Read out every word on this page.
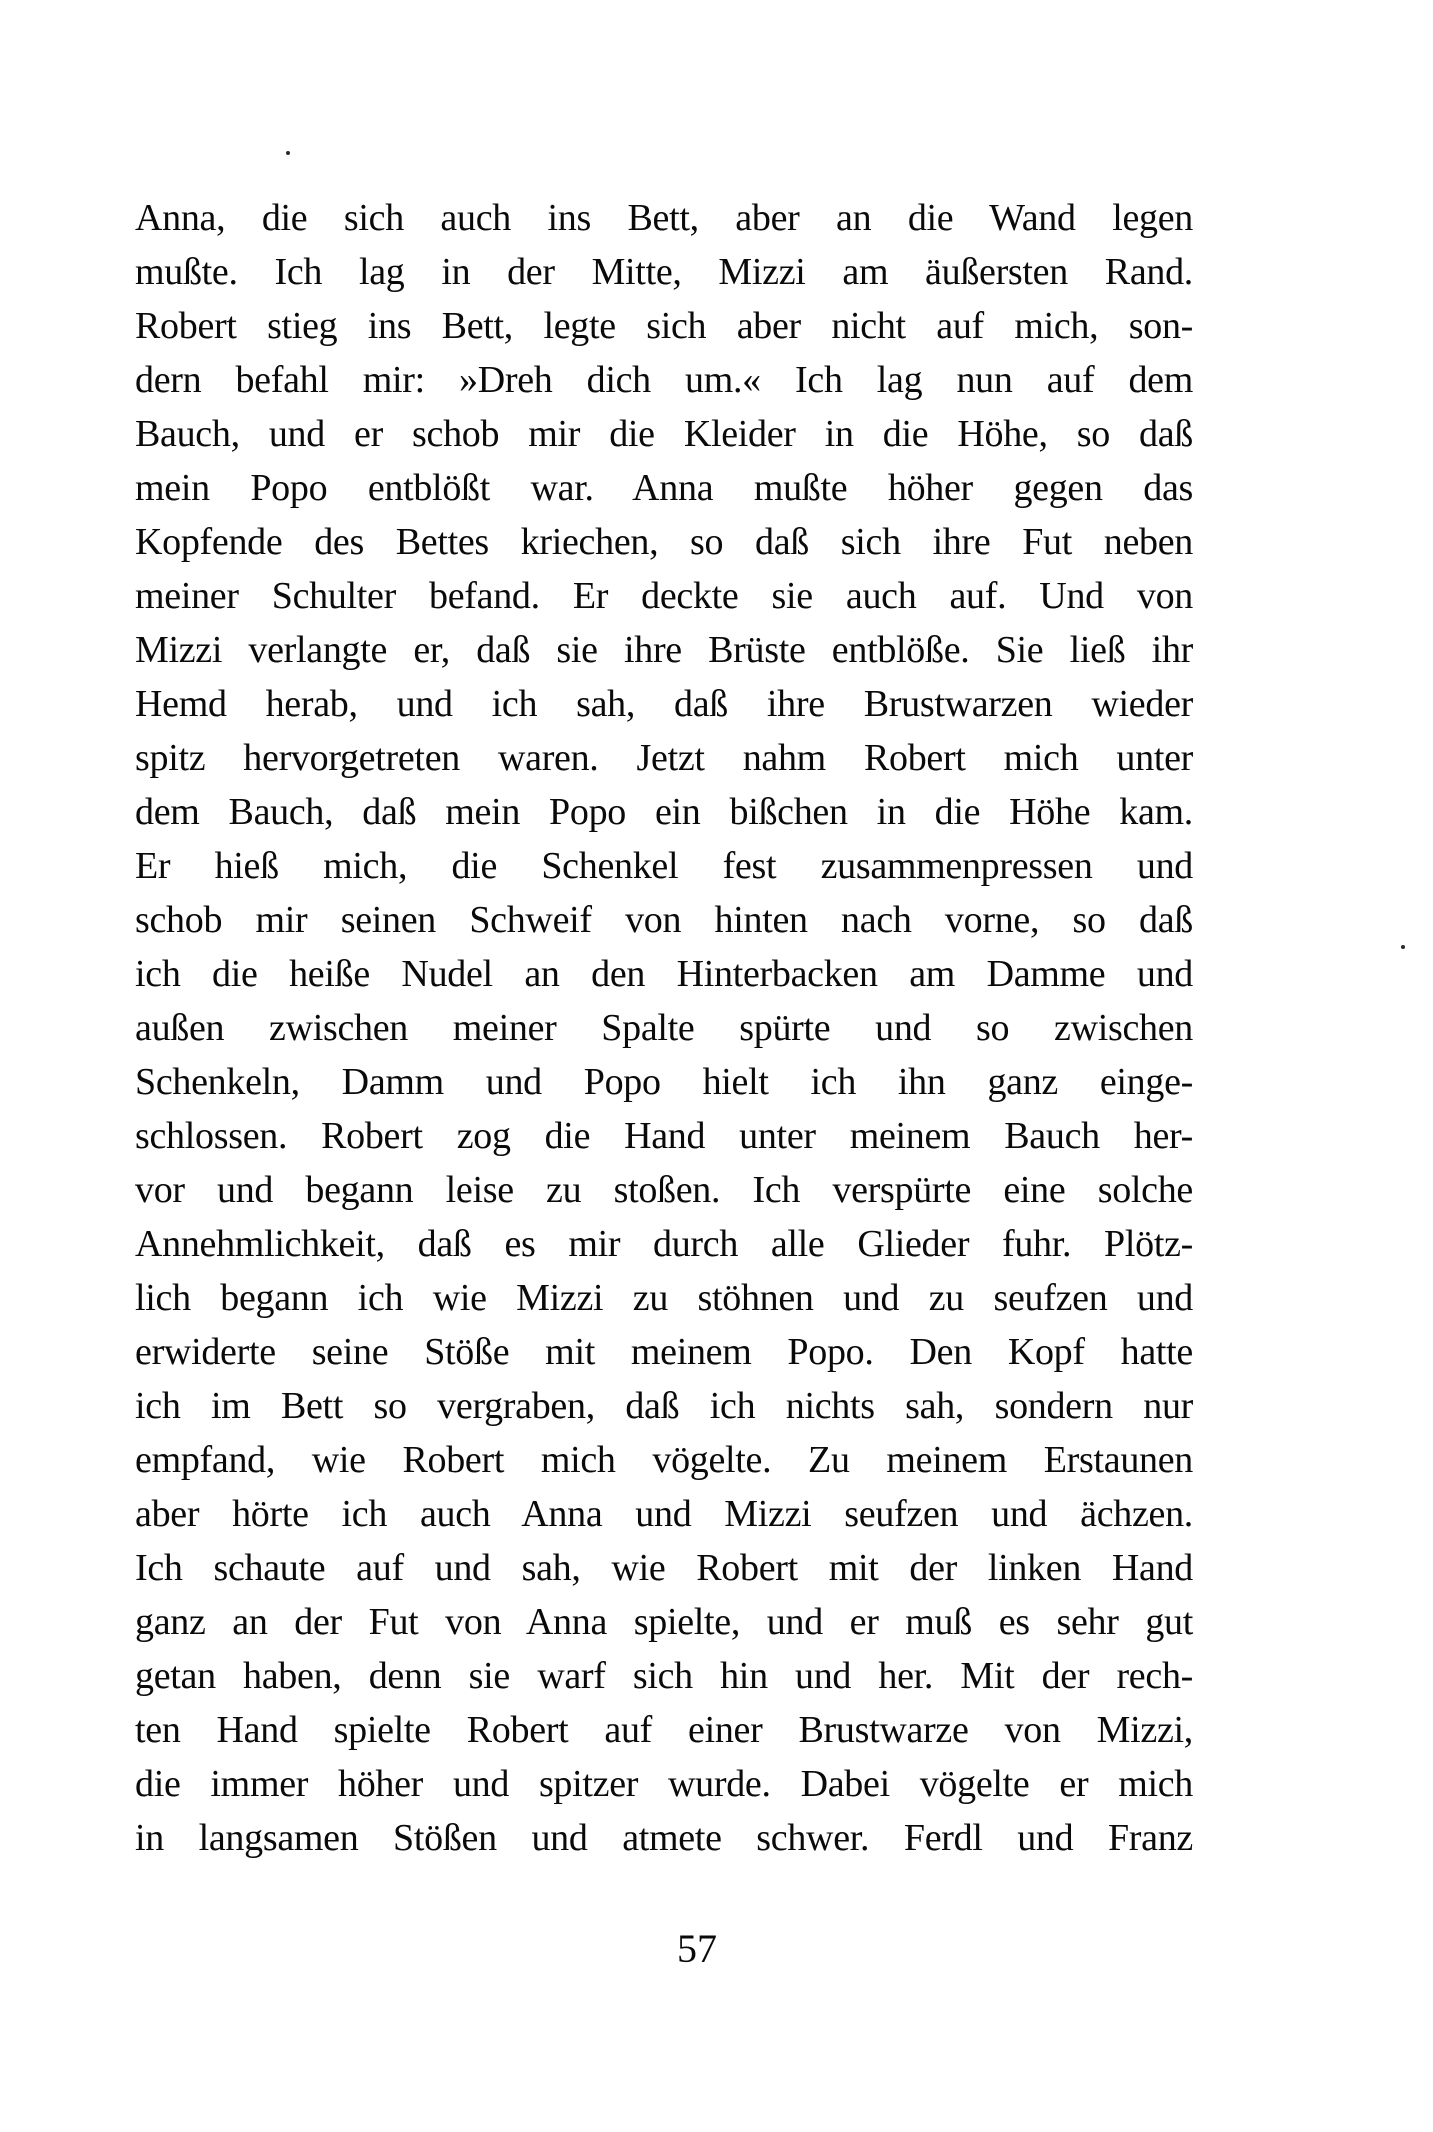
Anna, die sich auch ins Bett, aber an die Wand legen
mußte. Ich lag in der Mitte, Mizzi am äußersten Rand.
Robert stieg ins Bett, legte sich aber nicht auf mich, son-
dern befahl mir: »Dreh dich um.« Ich lag nun auf dem
Bauch, und er schob mir die Kleider in die Höhe, so daß
mein Popo entblößt war. Anna mußte höher gegen das
Kopfende des Bettes kriechen, so daß sich ihre Fut neben
meiner Schulter befand. Er deckte sie auch auf. Und von
Mizzi verlangte er, daß sie ihre Brüste entblöße. Sie ließ ihr
Hemd herab, und ich sah, daß ihre Brustwarzen wieder
spitz hervorgetreten waren. Jetzt nahm Robert mich unter
dem Bauch, daß mein Popo ein bißchen in die Höhe kam.
Er hieß mich, die Schenkel fest zusammenpressen und
schob mir seinen Schweif von hinten nach vorne, so daß
ich die heiße Nudel an den Hinterbacken am Damme und
außen zwischen meiner Spalte spürte und so zwischen
Schenkeln, Damm und Popo hielt ich ihn ganz einge-
schlossen. Robert zog die Hand unter meinem Bauch her-
vor und begann leise zu stoßen. Ich verspürte eine solche
Annehmlichkeit, daß es mir durch alle Glieder fuhr. Plötz-
lich begann ich wie Mizzi zu stöhnen und zu seufzen und
erwiderte seine Stöße mit meinem Popo. Den Kopf hatte
ich im Bett so vergraben, daß ich nichts sah, sondern nur
empfand, wie Robert mich vögelte. Zu meinem Erstaunen
aber hörte ich auch Anna und Mizzi seufzen und ächzen.
Ich schaute auf und sah, wie Robert mit der linken Hand
ganz an der Fut von Anna spielte, und er muß es sehr gut
getan haben, denn sie warf sich hin und her. Mit der rech-
ten Hand spielte Robert auf einer Brustwarze von Mizzi,
die immer höher und spitzer wurde. Dabei vögelte er mich
in langsamen Stößen und atmete schwer. Ferdl und Franz
57
